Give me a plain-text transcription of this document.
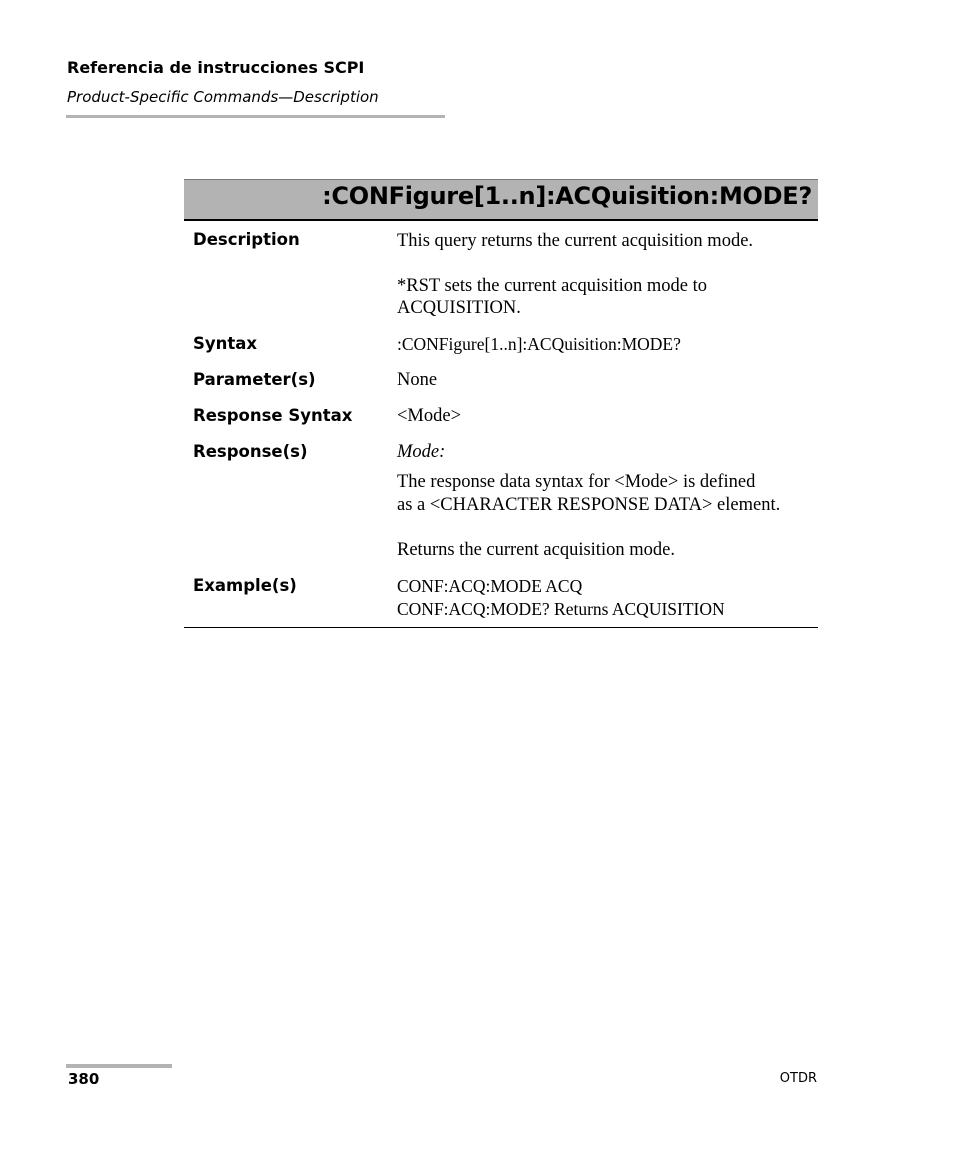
Referencia de instrucciones SCPI
Product-Specific Commands—Description
:CONFigure[1..n]:ACQuisition:MODE?
Description	This query returns the current acquisition mode.
*RST sets the current acquisition mode to
ACQUISITION.
Syntax	:CONFigure[1..n]:ACQuisition:MODE?
Parameter(s)	None
Response Syntax <Mode>
Response(s)	Mode:
The response data syntax for <Mode> is defined
as a <CHARACTER RESPONSE DATA> element.
Returns the current acquisition mode.
Example(s)	CONF:ACQ:MODE ACQ
CONF:ACQ:MODE? Returns ACQUISITION
380	OTDR
